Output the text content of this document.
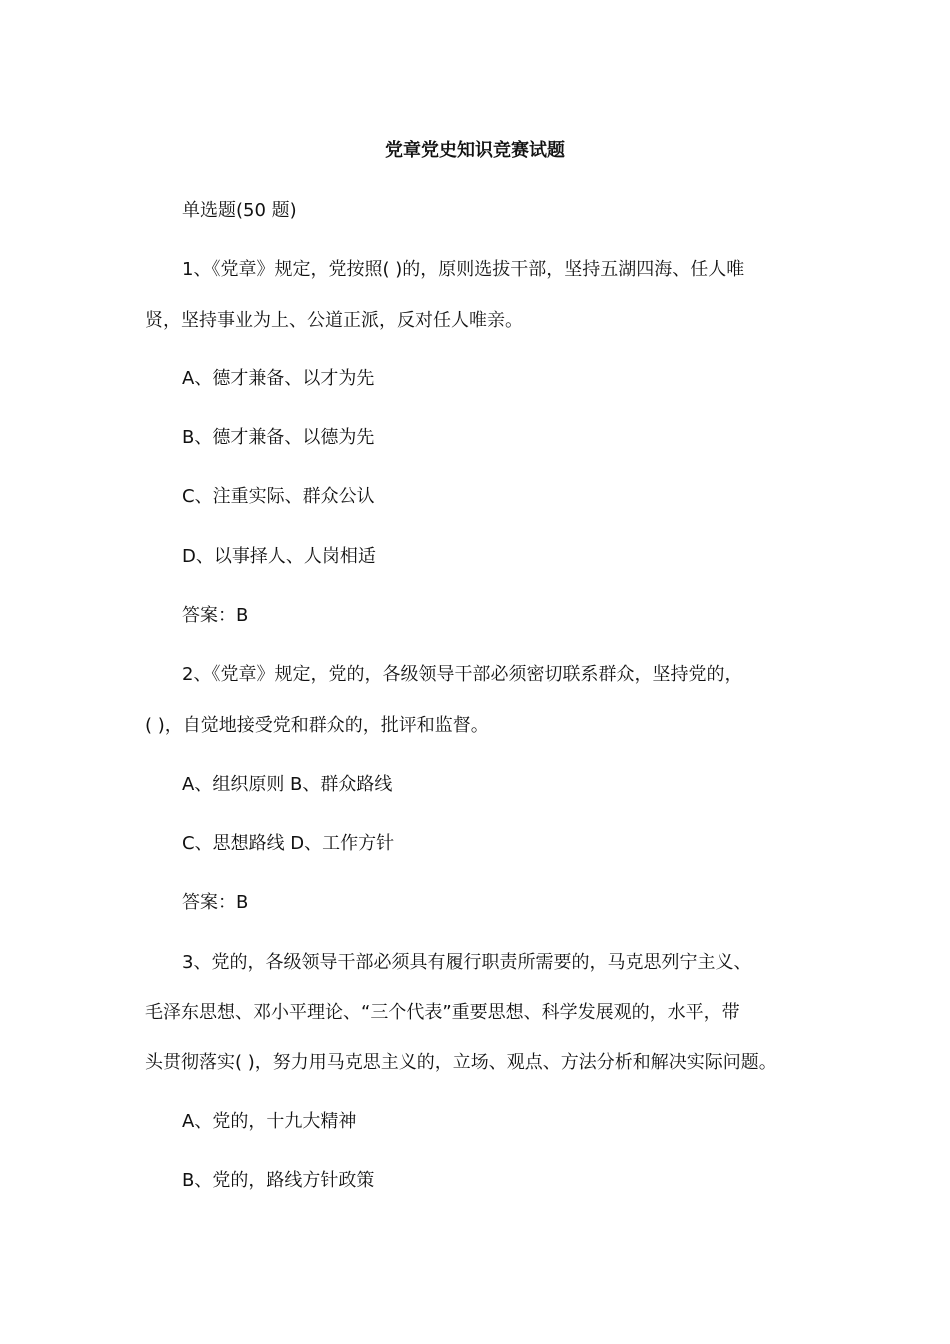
党章党史知识竞赛试题
单选题(50 题)
1、《党章》规定，党按照( )的，原则选拔干部，坚持五湖四海、任人唯
贤，坚持事业为上、公道正派，反对任人唯亲。
A、德才兼备、以才为先
B、德才兼备、以德为先
C、注重实际、群众公认
D、以事择人、人岗相适
答案：B
2、《党章》规定，党的，各级领导干部必须密切联系群众，坚持党的，
( )，自觉地接受党和群众的，批评和监督。
A、组织原则 B、群众路线
C、思想路线 D、工作方针
答案：B
3、党的，各级领导干部必须具有履行职责所需要的，马克思列宁主义、
毛泽东思想、邓小平理论、“三个代表”重要思想、科学发展观的，水平，带
头贯彻落实( )，努力用马克思主义的，立场、观点、方法分析和解决实际问题。
A、党的，十九大精神
B、党的，路线方针政策
